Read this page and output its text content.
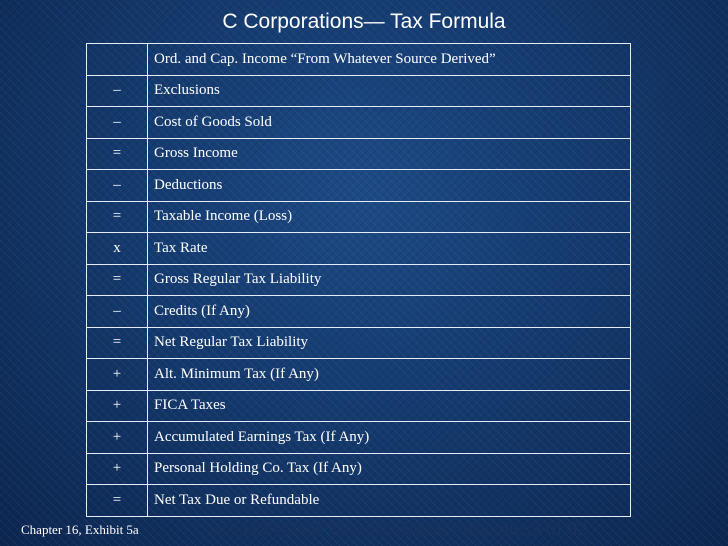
C Corporations— Tax Formula
	Ord. and Cap. Income “From Whatever Source Derived”
–	Exclusions
–	Cost of Goods Sold
=	Gross Income
–	Deductions
=	Taxable Income (Loss)
x	Tax Rate
=	Gross Regular Tax Liability
–	Credits (If Any)
=	Net Regular Tax Liability
+	Alt. Minimum Tax (If Any)
+	FICA Taxes
+	Accumulated Earnings Tax (If Any)
+	Personal Holding Co. Tax (If Any)
=	Net Tax Due or Refundable
Chapter 16, Exhibit 5a	CCH Federal Taxation Basic Principles3 of 92
